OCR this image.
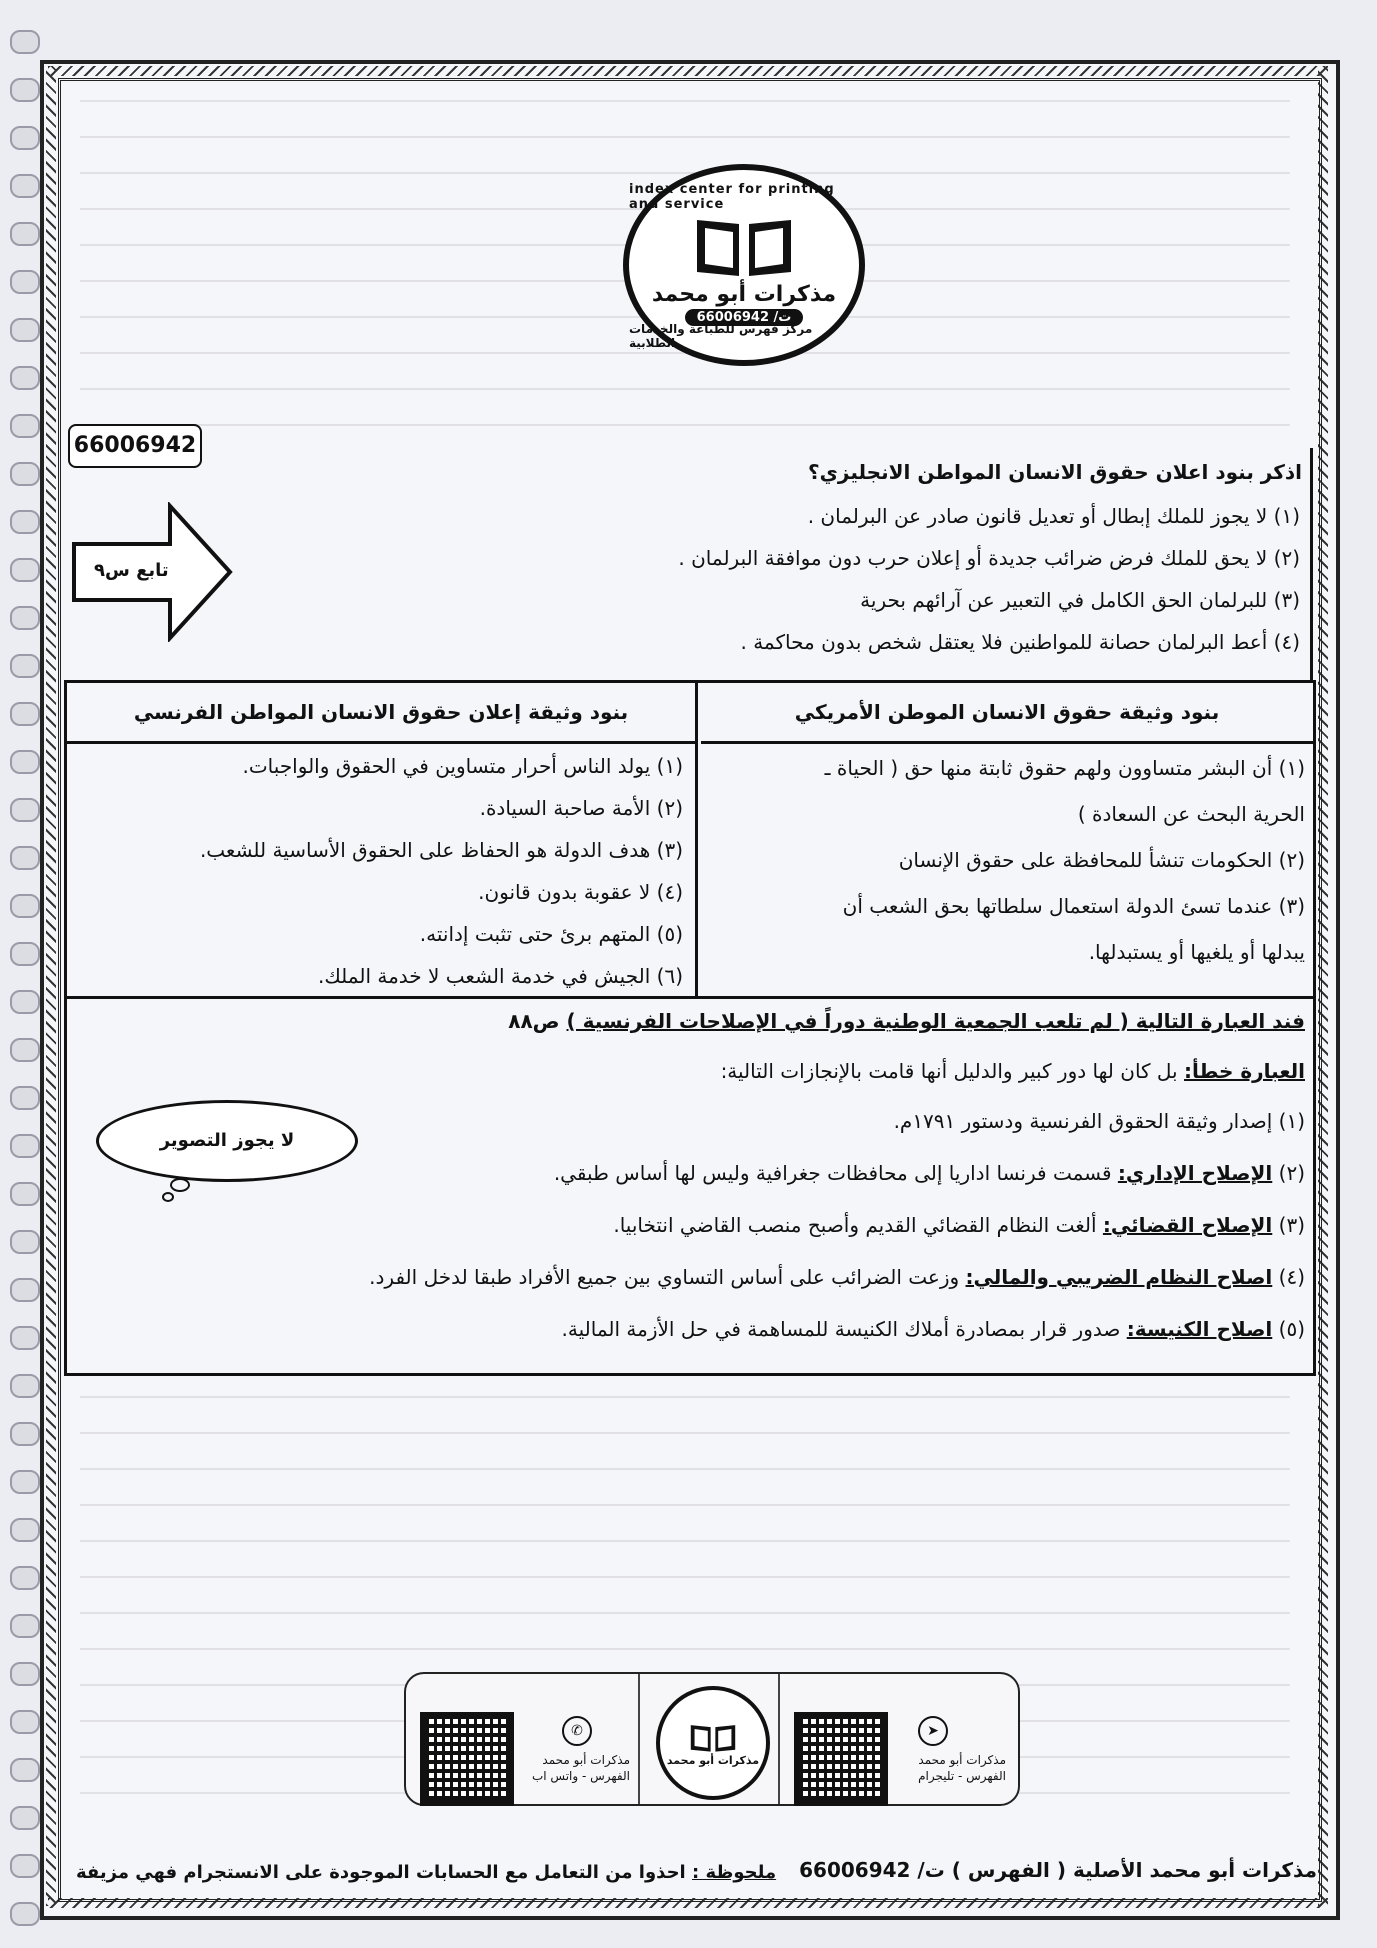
index center for printing and service
مذكرات أبو محمد
66006942 /ت
مركز فهرس للطباعة والخدمات الطلابية
اذكر بنود اعلان حقوق الانسان المواطن الانجليزي؟
(١) لا يجوز للملك إبطال أو تعديل قانون صادر عن البرلمان .
(٢) لا يحق للملك فرض ضرائب جديدة أو إعلان حرب دون موافقة البرلمان .
(٣) للبرلمان الحق الكامل في التعبير عن آرائهم بحرية
(٤) أعط البرلمان حصانة للمواطنين فلا يعتقل شخص بدون محاكمة .
66006942
تابع س٩
بنود وثيقة حقوق الانسان الموطن الأمريكي
بنود وثيقة إعلان حقوق الانسان المواطن الفرنسي
(١) أن البشر متساوون ولهم حقوق ثابتة منها حق ( الحياة ـ
الحرية البحث عن السعادة )
(٢) الحكومات تنشأ للمحافظة على حقوق الإنسان
(٣) عندما تسئ الدولة استعمال سلطاتها بحق الشعب أن
يبدلها أو يلغيها أو يستبدلها.
(١) يولد الناس أحرار متساوين في الحقوق والواجبات.
(٢) الأمة صاحبة السيادة.
(٣) هدف الدولة هو الحفاظ على الحقوق الأساسية للشعب.
(٤) لا عقوبة بدون قانون.
(٥) المتهم برئ حتى تثبت إدانته.
(٦) الجيش في خدمة الشعب لا خدمة الملك.
فند العبارة التالية ( لم تلعب الجمعية الوطنية دوراً في الإصلاحات الفرنسية ) ص٨٨
العبارة خطأ: بل كان لها دور كبير والدليل أنها قامت بالإنجازات التالية:
(١) إصدار وثيقة الحقوق الفرنسية ودستور ١٧٩١م.
(٢) الإصلاح الإداري: قسمت فرنسا اداريا إلى محافظات جغرافية وليس لها أساس طبقي.
(٣) الإصلاح القضائي: ألغت النظام القضائي القديم وأصبح منصب القاضي انتخابيا.
(٤) اصلاح النظام الضريبي والمالي: وزعت الضرائب على أساس التساوي بين جميع الأفراد طبقا لدخل الفرد.
(٥) اصلاح الكنيسة: صدور قرار بمصادرة أملاك الكنيسة للمساهمة في حل الأزمة المالية.
لا يجوز التصوير
✆
مذكرات أبو محمد
الفهرس - واتس اب
مذكرات أبو محمد
➤
مذكرات أبو محمد
الفهرس - تليجرام
مذكرات أبو محمد الأصلية ( الفهرس ) ت/ 66006942
ملحوظة : احذوا من التعامل مع الحسابات الموجودة على الانستجرام فهي مزيفة
